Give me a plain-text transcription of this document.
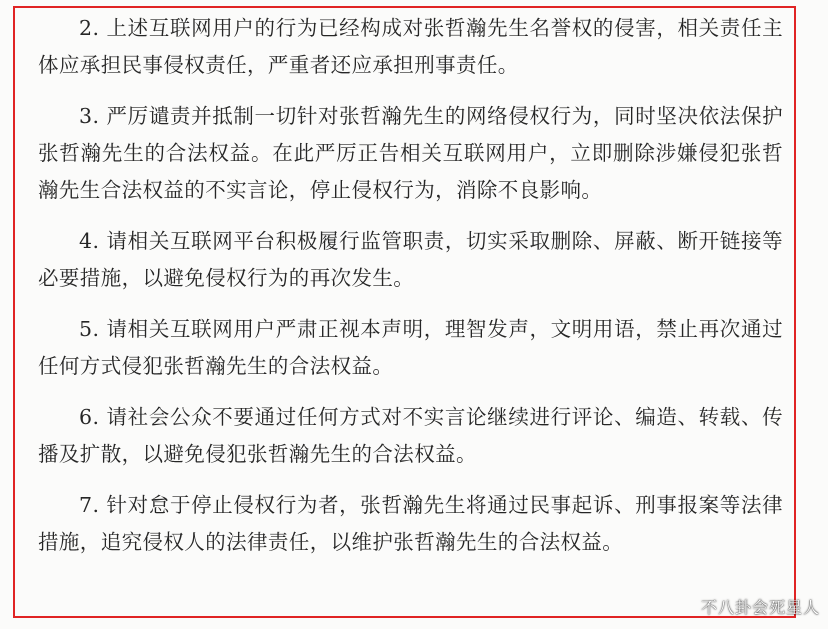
2. 上述互联网用户的行为已经构成对张哲瀚先生名誉权的侵害，相关责任主体应承担民事侵权责任，严重者还应承担刑事责任。

3. 严厉谴责并抵制一切针对张哲瀚先生的网络侵权行为，同时坚决依法保护张哲瀚先生的合法权益。在此严厉正告相关互联网用户，立即删除涉嫌侵犯张哲瀚先生合法权益的不实言论，停止侵权行为，消除不良影响。

4. 请相关互联网平台积极履行监管职责，切实采取删除、屏蔽、断开链接等必要措施，以避免侵权行为的再次发生。

5. 请相关互联网用户严肃正视本声明，理智发声，文明用语，禁止再次通过任何方式侵犯张哲瀚先生的合法权益。

6. 请社会公众不要通过任何方式对不实言论继续进行评论、编造、转载、传播及扩散，以避免侵犯张哲瀚先生的合法权益。

7. 针对怠于停止侵权行为者，张哲瀚先生将通过民事起诉、刑事报案等法律措施，追究侵权人的法律责任，以维护张哲瀚先生的合法权益。

不八卦会死星人
